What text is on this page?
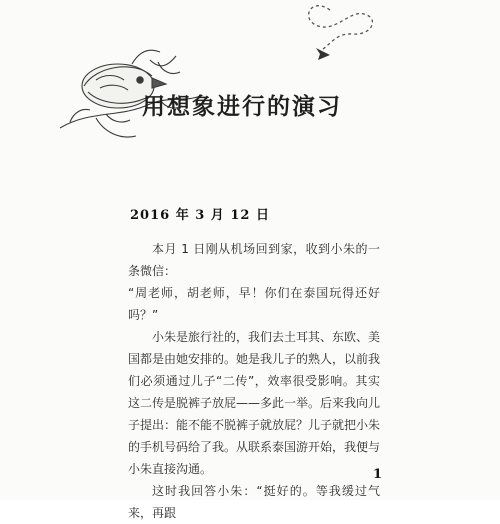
用想象进行的演习
2016 年 3 月 12 日

本月 1 日刚从机场回到家，收到小朱的一条微信：

“周老师，胡老师，早！你们在泰国玩得还好吗？”

小朱是旅行社的，我们去土耳其、东欧、美国都是由她安排的。她是我儿子的熟人，以前我们必须通过儿子“二传”，效率很受影响。其实这二传是脱裤子放屁——多此一举。后来我向儿子提出：能不能不脱裤子就放屁？儿子就把小朱的手机号码给了我。从联系泰国游开始，我便与小朱直接沟通。

这时我回答小朱：“挺好的。等我缓过气来，再跟

1
